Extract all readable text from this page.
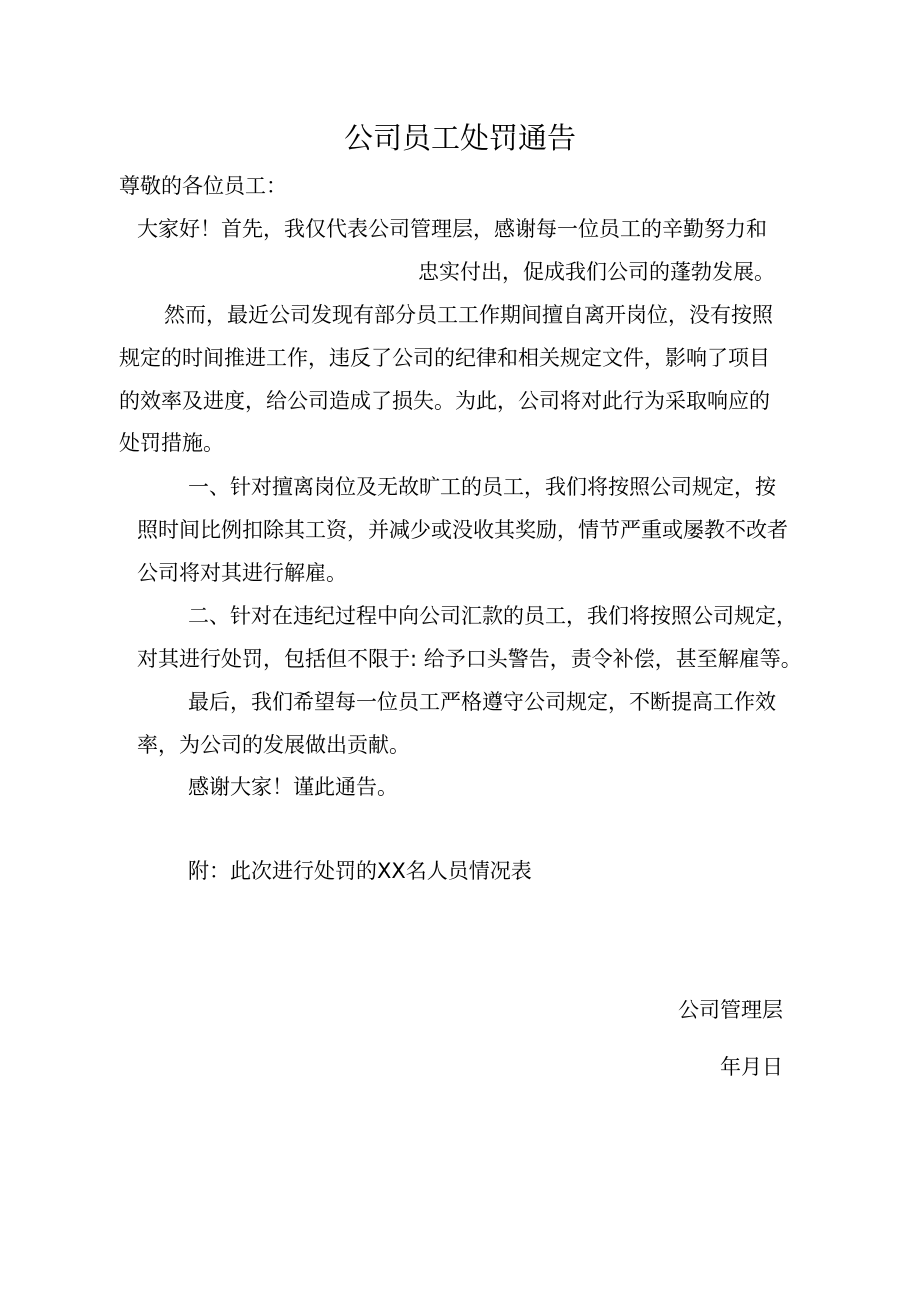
公司员工处罚通告
尊敬的各位员工：
大家好！首先，我仅代表公司管理层，感谢每一位员工的辛勤努力和
忠实付出，促成我们公司的蓬勃发展。
然而，最近公司发现有部分员工工作期间擅自离开岗位，没有按照
规定的时间推进工作，违反了公司的纪律和相关规定文件，影响了项目
的效率及进度，给公司造成了损失。为此，公司将对此行为采取响应的
处罚措施。
一、针对擅离岗位及无故旷工的员工，我们将按照公司规定，按
照时间比例扣除其工资，并减少或没收其奖励，情节严重或屡教不改者
公司将对其进行解雇。
二、针对在违纪过程中向公司汇款的员工，我们将按照公司规定，
对其进行处罚，包括但不限于: 给予口头警告，责令补偿，甚至解雇等。
最后，我们希望每一位员工严格遵守公司规定，不断提高工作效
率，为公司的发展做出贡献。
感谢大家！谨此通告。
附：此次进行处罚的XX名人员情况表
公司管理层
年月日
